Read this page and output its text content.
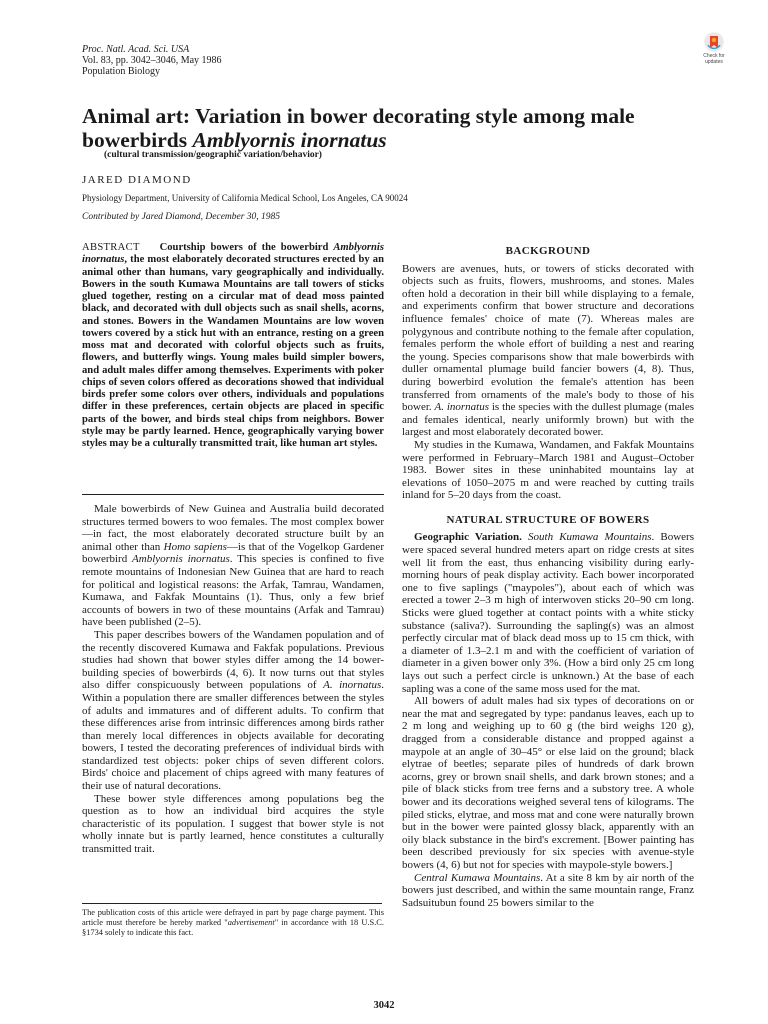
Proc. Natl. Acad. Sci. USA
Vol. 83, pp. 3042–3046, May 1986
Population Biology
Check for
updates
Animal art: Variation in bower decorating style among male bowerbirds Amblyornis inornatus
(cultural transmission/geographic variation/behavior)
JARED DIAMOND
Physiology Department, University of California Medical School, Los Angeles, CA 90024
Contributed by Jared Diamond, December 30, 1985
ABSTRACT Courtship bowers of the bowerbird Amblyornis inornatus, the most elaborately decorated structures erected by an animal other than humans, vary geographically and individually. Bowers in the south Kumawa Mountains are tall towers of sticks glued together, resting on a circular mat of dead moss painted black, and decorated with dull objects such as snail shells, acorns, and stones. Bowers in the Wandamen Mountains are low woven towers covered by a stick hut with an entrance, resting on a green moss mat and decorated with colorful objects such as fruits, flowers, and butterfly wings. Young males build simpler bowers, and adult males differ among themselves. Experiments with poker chips of seven colors offered as decorations showed that individual birds prefer some colors over others, individuals and populations differ in these preferences, certain objects are placed in specific parts of the bower, and birds steal chips from neighbors. Bower style may be partly learned. Hence, geographically varying bower styles may be a culturally transmitted trait, like human art styles.

Male bowerbirds of New Guinea and Australia build decorated structures termed bowers to woo females. The most complex bower—in fact, the most elaborately decorated structure built by an animal other than Homo sapiens—is that of the Vogelkop Gardener bowerbird Amblyornis inornatus. This species is confined to five remote mountains of Indonesian New Guinea that are hard to reach for political and logistical reasons: the Arfak, Tamrau, Wandamen, Kumawa, and Fakfak Mountains (1). Thus, only a few brief accounts of bowers in two of these mountains (Arfak and Tamrau) have been published (2–5).

This paper describes bowers of the Wandamen population and of the recently discovered Kumawa and Fakfak populations. Previous studies had shown that bower styles differ among the 14 bower-building species of bowerbirds (4, 6). It now turns out that styles also differ conspicuously between populations of A. inornatus. Within a population there are smaller differences between the styles of adults and immatures and of different adults. To confirm that these differences arise from intrinsic differences among birds rather than merely local differences in objects available for decorating bowers, I tested the decorating preferences of individual birds with standardized test objects: poker chips of seven different colors. Birds' choice and placement of chips agreed with many features of their use of natural decorations.

These bower style differences among populations beg the question as to how an individual bird acquires the style characteristic of its population. I suggest that bower style is not wholly innate but is partly learned, hence constitutes a culturally transmitted trait.

The publication costs of this article were defrayed in part by page charge payment. This article must therefore be hereby marked "advertisement" in accordance with 18 U.S.C. §1734 solely to indicate this fact.

BACKGROUND

Bowers are avenues, huts, or towers of sticks decorated with objects such as fruits, flowers, mushrooms, and stones. Males often hold a decoration in their bill while displaying to a female, and experiments confirm that bower structure and decorations influence females' choice of mate (7). Whereas males are polygynous and contribute nothing to the female after copulation, females perform the whole effort of building a nest and rearing the young. Species comparisons show that male bowerbirds with duller ornamental plumage build fancier bowers (4, 8). Thus, during bowerbird evolution the female's attention has been transferred from ornaments of the male's body to those of his bower. A. inornatus is the species with the dullest plumage (males and females identical, nearly uniformly brown) but with the largest and most elaborately decorated bower.

My studies in the Kumawa, Wandamen, and Fakfak Mountains were performed in February–March 1981 and August–October 1983. Bower sites in these uninhabited mountains lay at elevations of 1050–2075 m and were reached by cutting trails inland for 5–20 days from the coast.

NATURAL STRUCTURE OF BOWERS

Geographic Variation. South Kumawa Mountains. Bowers were spaced several hundred meters apart on ridge crests at sites well lit from the east, thus enhancing visibility during early-morning hours of peak display activity. Each bower incorporated one to five saplings ("maypoles"), about each of which was erected a tower 2–3 m high of interwoven sticks 20–90 cm long. Sticks were glued together at contact points with a white sticky substance (saliva?). Surrounding the sapling(s) was an almost perfectly circular mat of black dead moss up to 15 cm thick, with a diameter of 1.3–2.1 m and with the coefficient of variation of diameter in a given bower only 3%. (How a bird only 25 cm long lays out such a perfect circle is unknown.) At the base of each sapling was a cone of the same moss used for the mat.

All bowers of adult males had six types of decorations on or near the mat and segregated by type: pandanus leaves, each up to 2 m long and weighing up to 60 g (the bird weighs 120 g), dragged from a considerable distance and propped against a maypole at an angle of 30–45° or else laid on the ground; black elytrae of beetles; separate piles of hundreds of dark brown acorns, grey or brown snail shells, and dark brown stones; and a pile of black sticks from tree ferns and a substory tree. A whole bower and its decorations weighed several tens of kilograms. The piled sticks, elytrae, and moss mat and cone were naturally brown but in the bower were painted glossy black, apparently with an oily black substance in the bird's excrement. [Bower painting has been described previously for six species with avenue-style bowers (4, 6) but not for species with maypole-style bowers.]

Central Kumawa Mountains. At a site 8 km by air north of the bowers just described, and within the same mountain range, Franz Sadsuitubun found 25 bowers similar to the

3042
